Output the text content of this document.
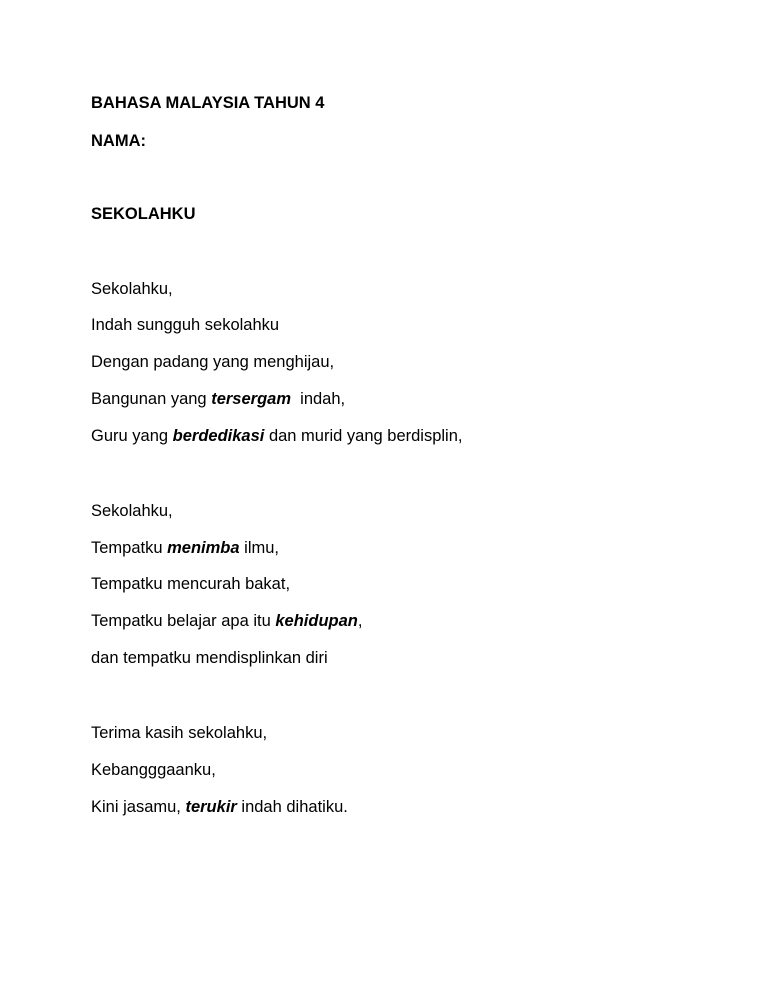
BAHASA MALAYSIA TAHUN 4
NAMA:
SEKOLAHKU
Sekolahku,
Indah sungguh sekolahku
Dengan padang yang menghijau,
Bangunan yang tersergam  indah,
Guru yang berdedikasi dan murid yang berdisplin,
Sekolahku,
Tempatku menimba ilmu,
Tempatku mencurah bakat,
Tempatku belajar apa itu kehidupan,
dan tempatku mendisplinkan diri
Terima kasih sekolahku,
Kebangggaanku,
Kini jasamu, terukir indah dihatiku.
